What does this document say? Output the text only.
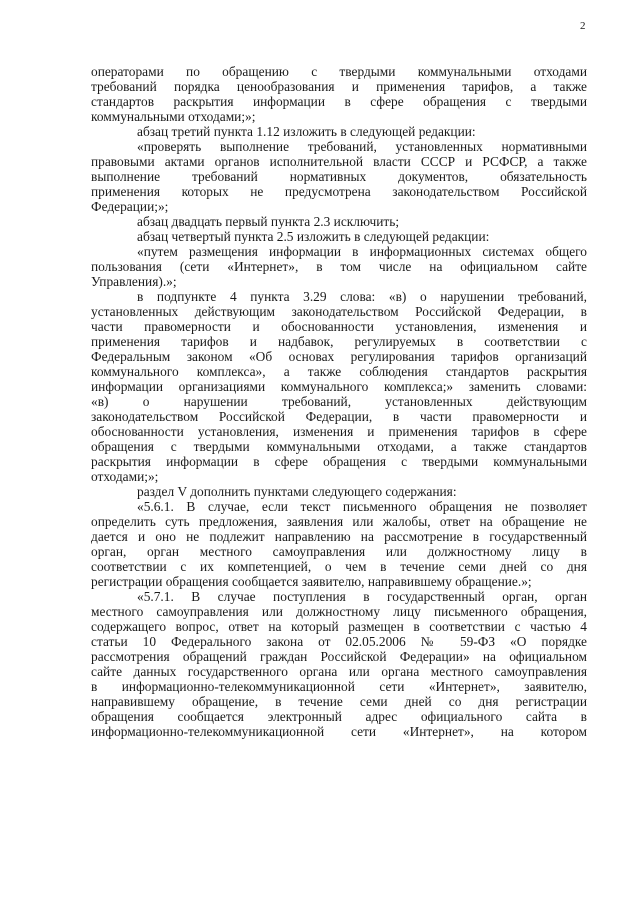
2
операторами по обращению с твердыми коммунальными отходами
требований порядка ценообразования и применения тарифов, а также
стандартов раскрытия информации в сфере обращения с твердыми
коммунальными отходами;»;
абзац третий пункта 1.12 изложить в следующей редакции:
«проверять выполнение требований, установленных нормативными
правовыми актами органов исполнительной власти СССР и РСФСР, а также
выполнение требований нормативных документов, обязательность
применения которых не предусмотрена законодательством Российской
Федерации;»;
абзац двадцать первый пункта 2.3 исключить;
абзац четвертый пункта 2.5 изложить в следующей редакции:
«путем размещения информации в информационных системах общего
пользования (сети «Интернет», в том числе на официальном сайте
Управления).»;
в подпункте 4 пункта 3.29 слова: «в) о нарушении требований,
установленных действующим законодательством Российской Федерации, в
части правомерности и обоснованности установления, изменения и
применения тарифов и надбавок, регулируемых в соответствии с
Федеральным законом «Об основах регулирования тарифов организаций
коммунального комплекса», а также соблюдения стандартов раскрытия
информации организациями коммунального комплекса;» заменить словами:
«в) о нарушении требований, установленных действующим
законодательством Российской Федерации, в части правомерности и
обоснованности установления, изменения и применения тарифов в сфере
обращения с твердыми коммунальными отходами, а также стандартов
раскрытия информации в сфере обращения с твердыми коммунальными
отходами;»;
раздел V дополнить пунктами следующего содержания:
«5.6.1. В случае, если текст письменного обращения не позволяет
определить суть предложения, заявления или жалобы, ответ на обращение не
дается и оно не подлежит направлению на рассмотрение в государственный
орган, орган местного самоуправления или должностному лицу в
соответствии с их компетенцией, о чем в течение семи дней со дня
регистрации обращения сообщается заявителю, направившему обращение.»;
«5.7.1. В случае поступления в государственный орган, орган
местного самоуправления или должностному лицу письменного обращения,
содержащего вопрос, ответ на который размещен в соответствии с частью 4
статьи 10 Федерального закона от 02.05.2006 № 59-ФЗ «О порядке
рассмотрения обращений граждан Российской Федерации» на официальном
сайте данных государственного органа или органа местного самоуправления
в информационно-телекоммуникационной сети «Интернет», заявителю,
направившему обращение, в течение семи дней со дня регистрации
обращения сообщается электронный адрес официального сайта в
информационно-телекоммуникационной сети «Интернет», на котором
